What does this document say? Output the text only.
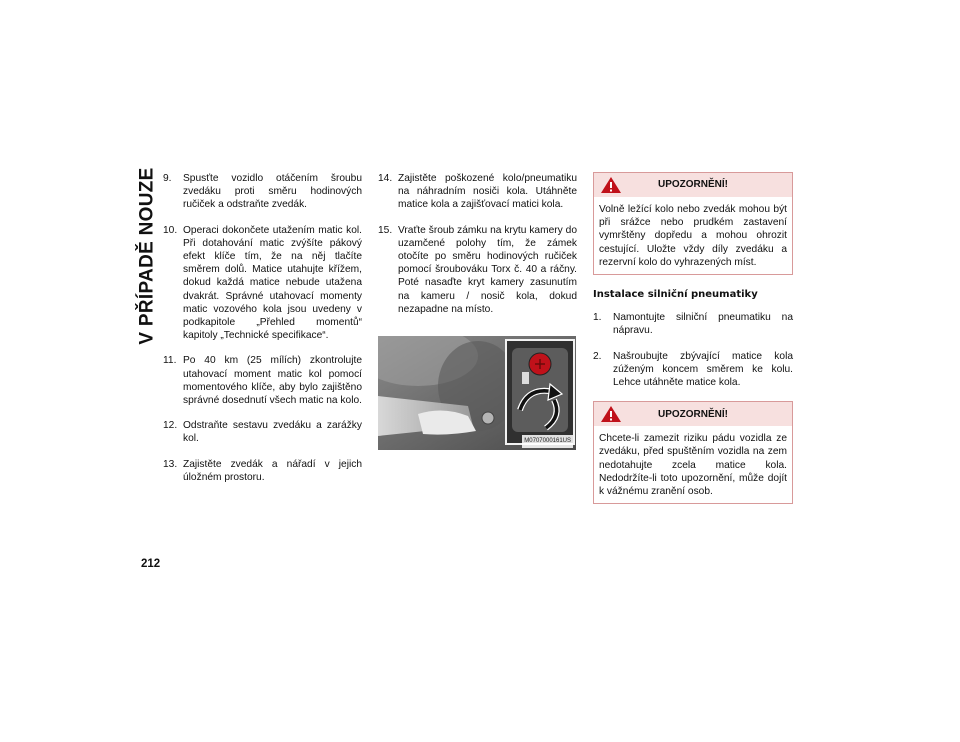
V PŘÍPADĚ NOUZE
212
9.	Spusťte vozidlo otáčením šroubu zvedáku proti směru hodinových ručiček a odstraňte zvedák.
10. Operaci dokončete utažením matic kol. Při dotahování matic zvýšíte pákový efekt klíče tím, že na něj tlačíte směrem dolů. Matice utahujte křížem, dokud každá matice nebude utažena dvakrát. Správné utahovací momenty matic vozového kola jsou uvedeny v podkapitole „Přehled momentů“ kapitoly „Technické specifikace“.
11. Po 40 km (25 mílích) zkontrolujte utahovací moment matic kol pomocí momentového klíče, aby bylo zajištěno správné dosednutí všech matic na kolo.
12. Odstraňte sestavu zvedáku a zarážky kol.
13. Zajistěte zvedák a nářadí v jejich úložném prostoru.
14. Zajistěte poškozené kolo/pneumatiku na náhradním nosiči kola. Utáhněte matice kola a zajišťovací matici kola.
15. Vraťte šroub zámku na krytu kamery do uzamčené polohy tím, že zámek otočíte po směru hodinových ručiček pomocí šroubováku Torx č. 40 a ráčny. Poté nasaďte kryt kamery zasunutím na kameru / nosič kola, dokud nezapadne na místo.
M0707000161US
UPOZORNĚNÍ!
Volně ležící kolo nebo zvedák mohou být při srážce nebo prudkém zastavení vymrštěny dopředu a mohou ohrozit cestující. Uložte vždy díly zvedáku a rezervní kolo do vyhrazených míst.
Instalace silniční pneumatiky
1.	Namontujte silniční pneumatiku na nápravu.
2.	Našroubujte zbývající matice kola zúženým koncem směrem ke kolu. Lehce utáhněte matice kola.
UPOZORNĚNÍ!
Chcete-li zamezit riziku pádu vozidla ze zvedáku, před spuštěním vozidla na zem nedotahujte zcela matice kola. Nedodržíte-li toto upozornění, může dojít k vážnému zranění osob.
